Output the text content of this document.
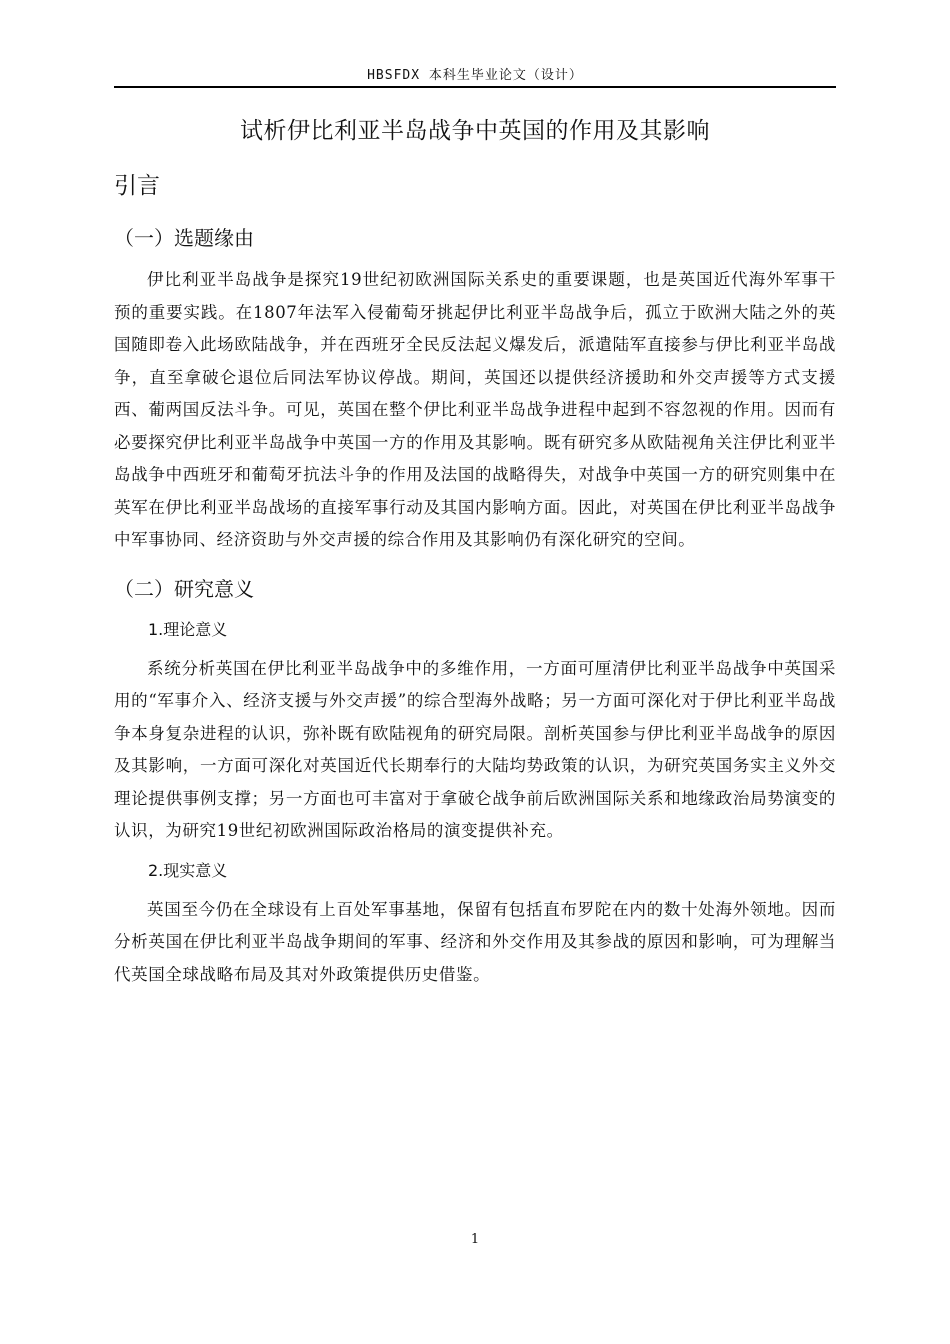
HBSFDX 本科生毕业论文（设计）
试析伊比利亚半岛战争中英国的作用及其影响
引言
（一）选题缘由

伊比利亚半岛战争是探究19世纪初欧洲国际关系史的重要课题，也是英国近代海外军事干预的重要实践。在1807年法军入侵葡萄牙挑起伊比利亚半岛战争后，孤立于欧洲大陆之外的英国随即卷入此场欧陆战争，并在西班牙全民反法起义爆发后，派遣陆军直接参与伊比利亚半岛战争，直至拿破仑退位后同法军协议停战。期间，英国还以提供经济援助和外交声援等方式支援西、葡两国反法斗争。可见，英国在整个伊比利亚半岛战争进程中起到不容忽视的作用。因而有必要探究伊比利亚半岛战争中英国一方的作用及其影响。既有研究多从欧陆视角关注伊比利亚半岛战争中西班牙和葡萄牙抗法斗争的作用及法国的战略得失，对战争中英国一方的研究则集中在英军在伊比利亚半岛战场的直接军事行动及其国内影响方面。因此，对英国在伊比利亚半岛战争中军事协同、经济资助与外交声援的综合作用及其影响仍有深化研究的空间。

（二）研究意义
1.理论意义

系统分析英国在伊比利亚半岛战争中的多维作用，一方面可厘清伊比利亚半岛战争中英国采用的“军事介入、经济支援与外交声援”的综合型海外战略；另一方面可深化对于伊比利亚半岛战争本身复杂进程的认识，弥补既有欧陆视角的研究局限。剖析英国参与伊比利亚半岛战争的原因及其影响，一方面可深化对英国近代长期奉行的大陆均势政策的认识，为研究英国务实主义外交理论提供事例支撑；另一方面也可丰富对于拿破仑战争前后欧洲国际关系和地缘政治局势演变的认识，为研究19世纪初欧洲国际政治格局的演变提供补充。

2.现实意义

英国至今仍在全球设有上百处军事基地，保留有包括直布罗陀在内的数十处海外领地。因而分析英国在伊比利亚半岛战争期间的军事、经济和外交作用及其参战的原因和影响，可为理解当代英国全球战略布局及其对外政策提供历史借鉴。

1
